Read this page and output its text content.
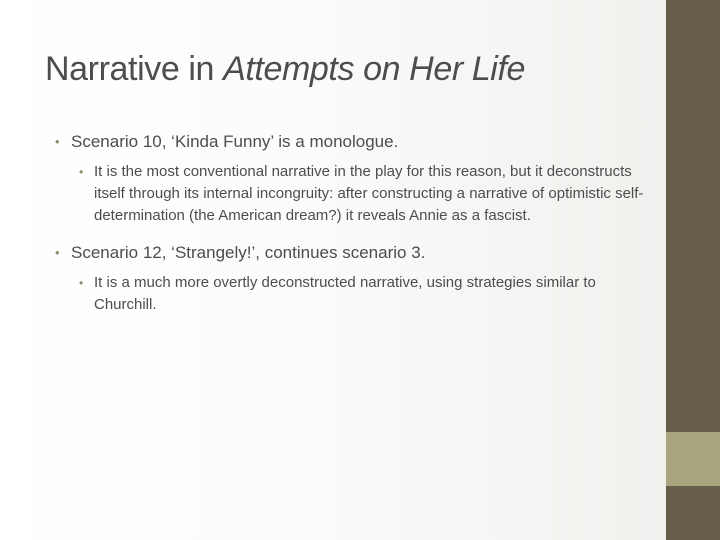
Narrative in Attempts on Her Life
• Scenario 10, ‘Kinda Funny’ is a monologue.
• It is the most conventional narrative in the play for this reason, but it deconstructs itself through its internal incongruity: after constructing a narrative of optimistic self-determination (the American dream?) it reveals Annie as a fascist.
• Scenario 12, ‘Strangely!’, continues scenario 3.
• It is a much more overtly deconstructed narrative, using strategies similar to Churchill.
